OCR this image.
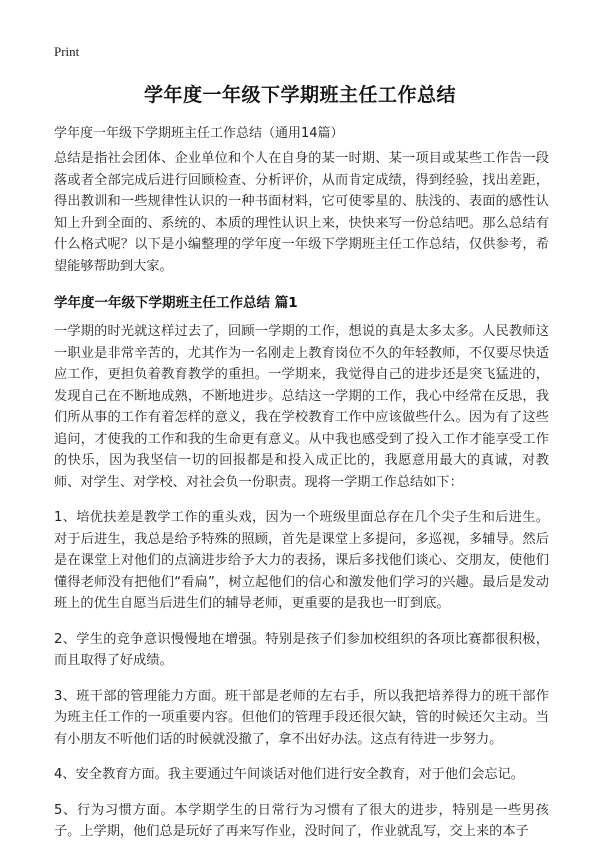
Print
学年度一年级下学期班主任工作总结
学年度一年级下学期班主任工作总结（通用14篇）

总结是指社会团体、企业单位和个人在自身的某一时期、某一项目或某些工作告一段落或者全部完成后进行回顾检查、分析评价，从而肯定成绩，得到经验，找出差距，得出教训和一些规律性认识的一种书面材料，它可使零星的、肤浅的、表面的感性认知上升到全面的、系统的、本质的理性认识上来，快快来写一份总结吧。那么总结有什么格式呢？以下是小编整理的学年度一年级下学期班主任工作总结，仅供参考，希望能够帮助到大家。

学年度一年级下学期班主任工作总结 篇1

一学期的时光就这样过去了，回顾一学期的工作，想说的真是太多太多。人民教师这一职业是非常辛苦的，尤其作为一名刚走上教育岗位不久的年轻教师，不仅要尽快适应工作，更担负着教育教学的重担。一学期来，我觉得自己的进步还是突飞猛进的，发现自己在不断地成熟，不断地进步。总结这一学期的工作，我心中经常在反思，我们所从事的工作有着怎样的意义，我在学校教育工作中应该做些什么。因为有了这些追问，才使我的工作和我的生命更有意义。从中我也感受到了投入工作才能享受工作的快乐，因为我坚信一切的回报都是和投入成正比的，我愿意用最大的真诚，对教师、对学生、对学校、对社会负一份职责。现将一学期工作总结如下：

1、培优扶差是教学工作的重头戏，因为一个班级里面总存在几个尖子生和后进生。对于后进生，我总是给予特殊的照顾，首先是课堂上多提问，多巡视，多辅导。然后是在课堂上对他们的点滴进步给予大力的表扬，课后多找他们谈心、交朋友，使他们懂得老师没有把他们“看扁”，树立起他们的信心和激发他们学习的兴趣。最后是发动班上的优生自愿当后进生们的辅导老师，更重要的是我也一盯到底。

2、学生的竞争意识慢慢地在增强。特别是孩子们参加校组织的各项比赛都很积极，而且取得了好成绩。

3、班干部的管理能力方面。班干部是老师的左右手，所以我把培养得力的班干部作为班主任工作的一项重要内容。但他们的管理手段还很欠缺，管的时候还欠主动。当有小朋友不听他们话的时候就没撤了，拿不出好办法。这点有待进一步努力。

4、安全教育方面。我主要通过午间谈话对他们进行安全教育，对于他们会忘记。

5、行为习惯方面。本学期学生的日常行为习惯有了很大的进步，特别是一些男孩子。上学期，他们总是玩好了再来写作业，没时间了，作业就乱写，交上来的本子
